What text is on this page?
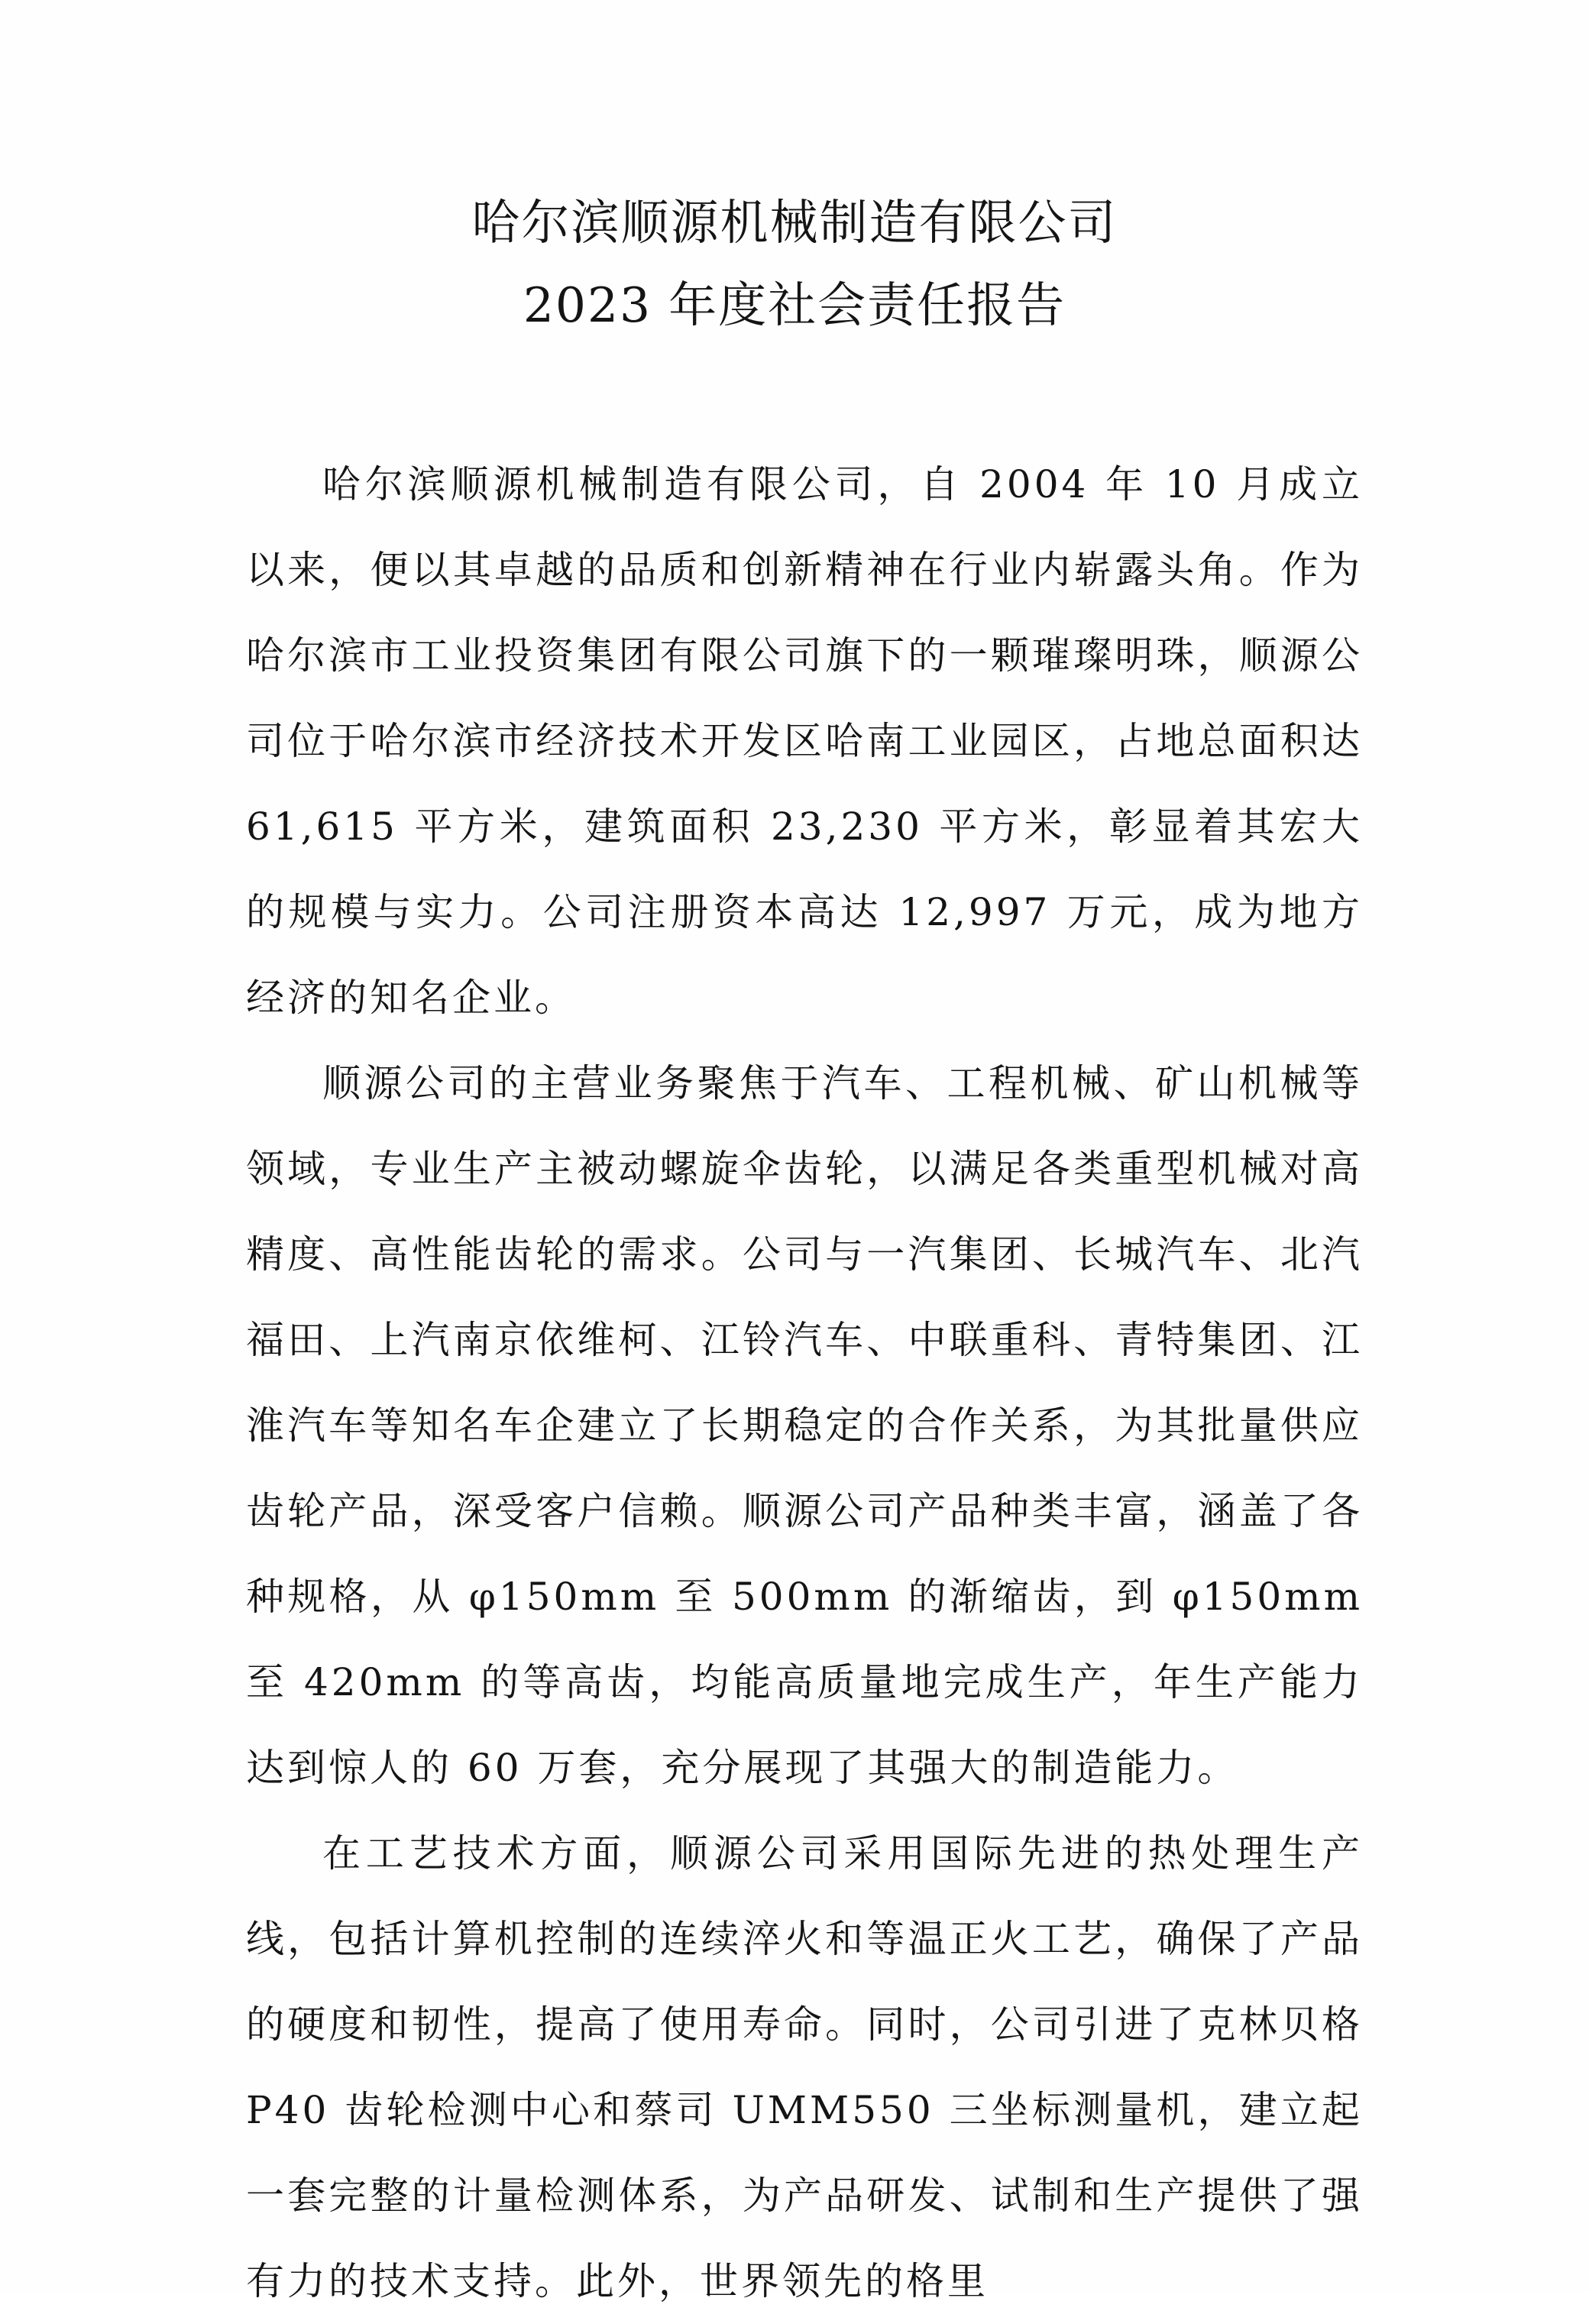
哈尔滨顺源机械制造有限公司
2023 年度社会责任报告

哈尔滨顺源机械制造有限公司，自 2004 年 10 月成立以来，便以其卓越的品质和创新精神在行业内崭露头角。作为哈尔滨市工业投资集团有限公司旗下的一颗璀璨明珠，顺源公司位于哈尔滨市经济技术开发区哈南工业园区，占地总面积达 61,615 平方米，建筑面积 23,230 平方米，彰显着其宏大的规模与实力。公司注册资本高达 12,997 万元，成为地方经济的知名企业。

顺源公司的主营业务聚焦于汽车、工程机械、矿山机械等领域，专业生产主被动螺旋伞齿轮，以满足各类重型机械对高精度、高性能齿轮的需求。公司与一汽集团、长城汽车、北汽福田、上汽南京依维柯、江铃汽车、中联重科、青特集团、江淮汽车等知名车企建立了长期稳定的合作关系，为其批量供应齿轮产品，深受客户信赖。顺源公司产品种类丰富，涵盖了各种规格，从 φ150mm 至 500mm 的渐缩齿，到 φ150mm 至 420mm 的等高齿，均能高质量地完成生产，年生产能力达到惊人的 60 万套，充分展现了其强大的制造能力。

在工艺技术方面，顺源公司采用国际先进的热处理生产线，包括计算机控制的连续淬火和等温正火工艺，确保了产品的硬度和韧性，提高了使用寿命。同时，公司引进了克林贝格 P40 齿轮检测中心和蔡司 UMM550 三坐标测量机，建立起一套完整的计量检测体系，为产品研发、试制和生产提供了强有力的技术支持。此外，世界领先的格里
